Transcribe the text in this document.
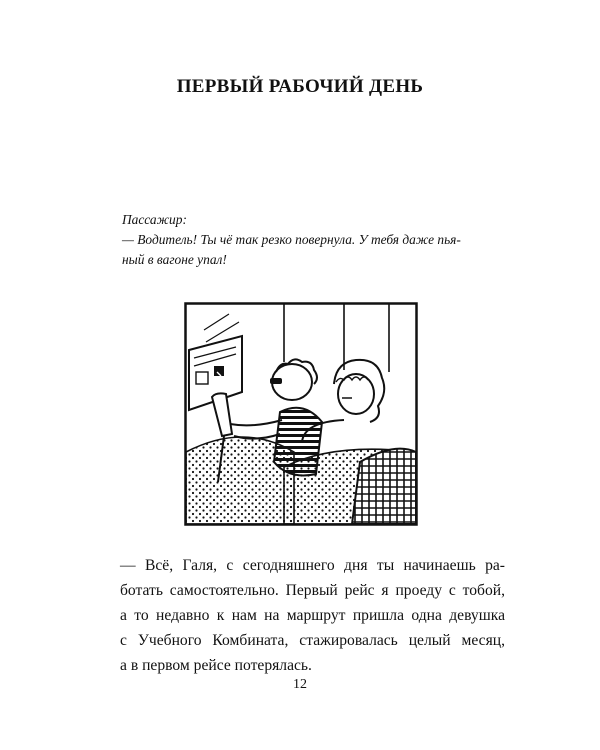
ПЕРВЫЙ РАБОЧИЙ ДЕНЬ

Пассажир:

— Водитель! Ты чё так резко повернула. У тебя даже пья-

ный в вагоне упал!

— Всё, Галя, с сегодняшнего дня ты начинаешь ра-
ботать самостоятельно. Первый рейс я проеду с тобой,
а то недавно к нам на маршрут пришла одна девушка
с Учебного Комбината, стажировалась целый месяц,
а в первом рейсе потерялась.
12
